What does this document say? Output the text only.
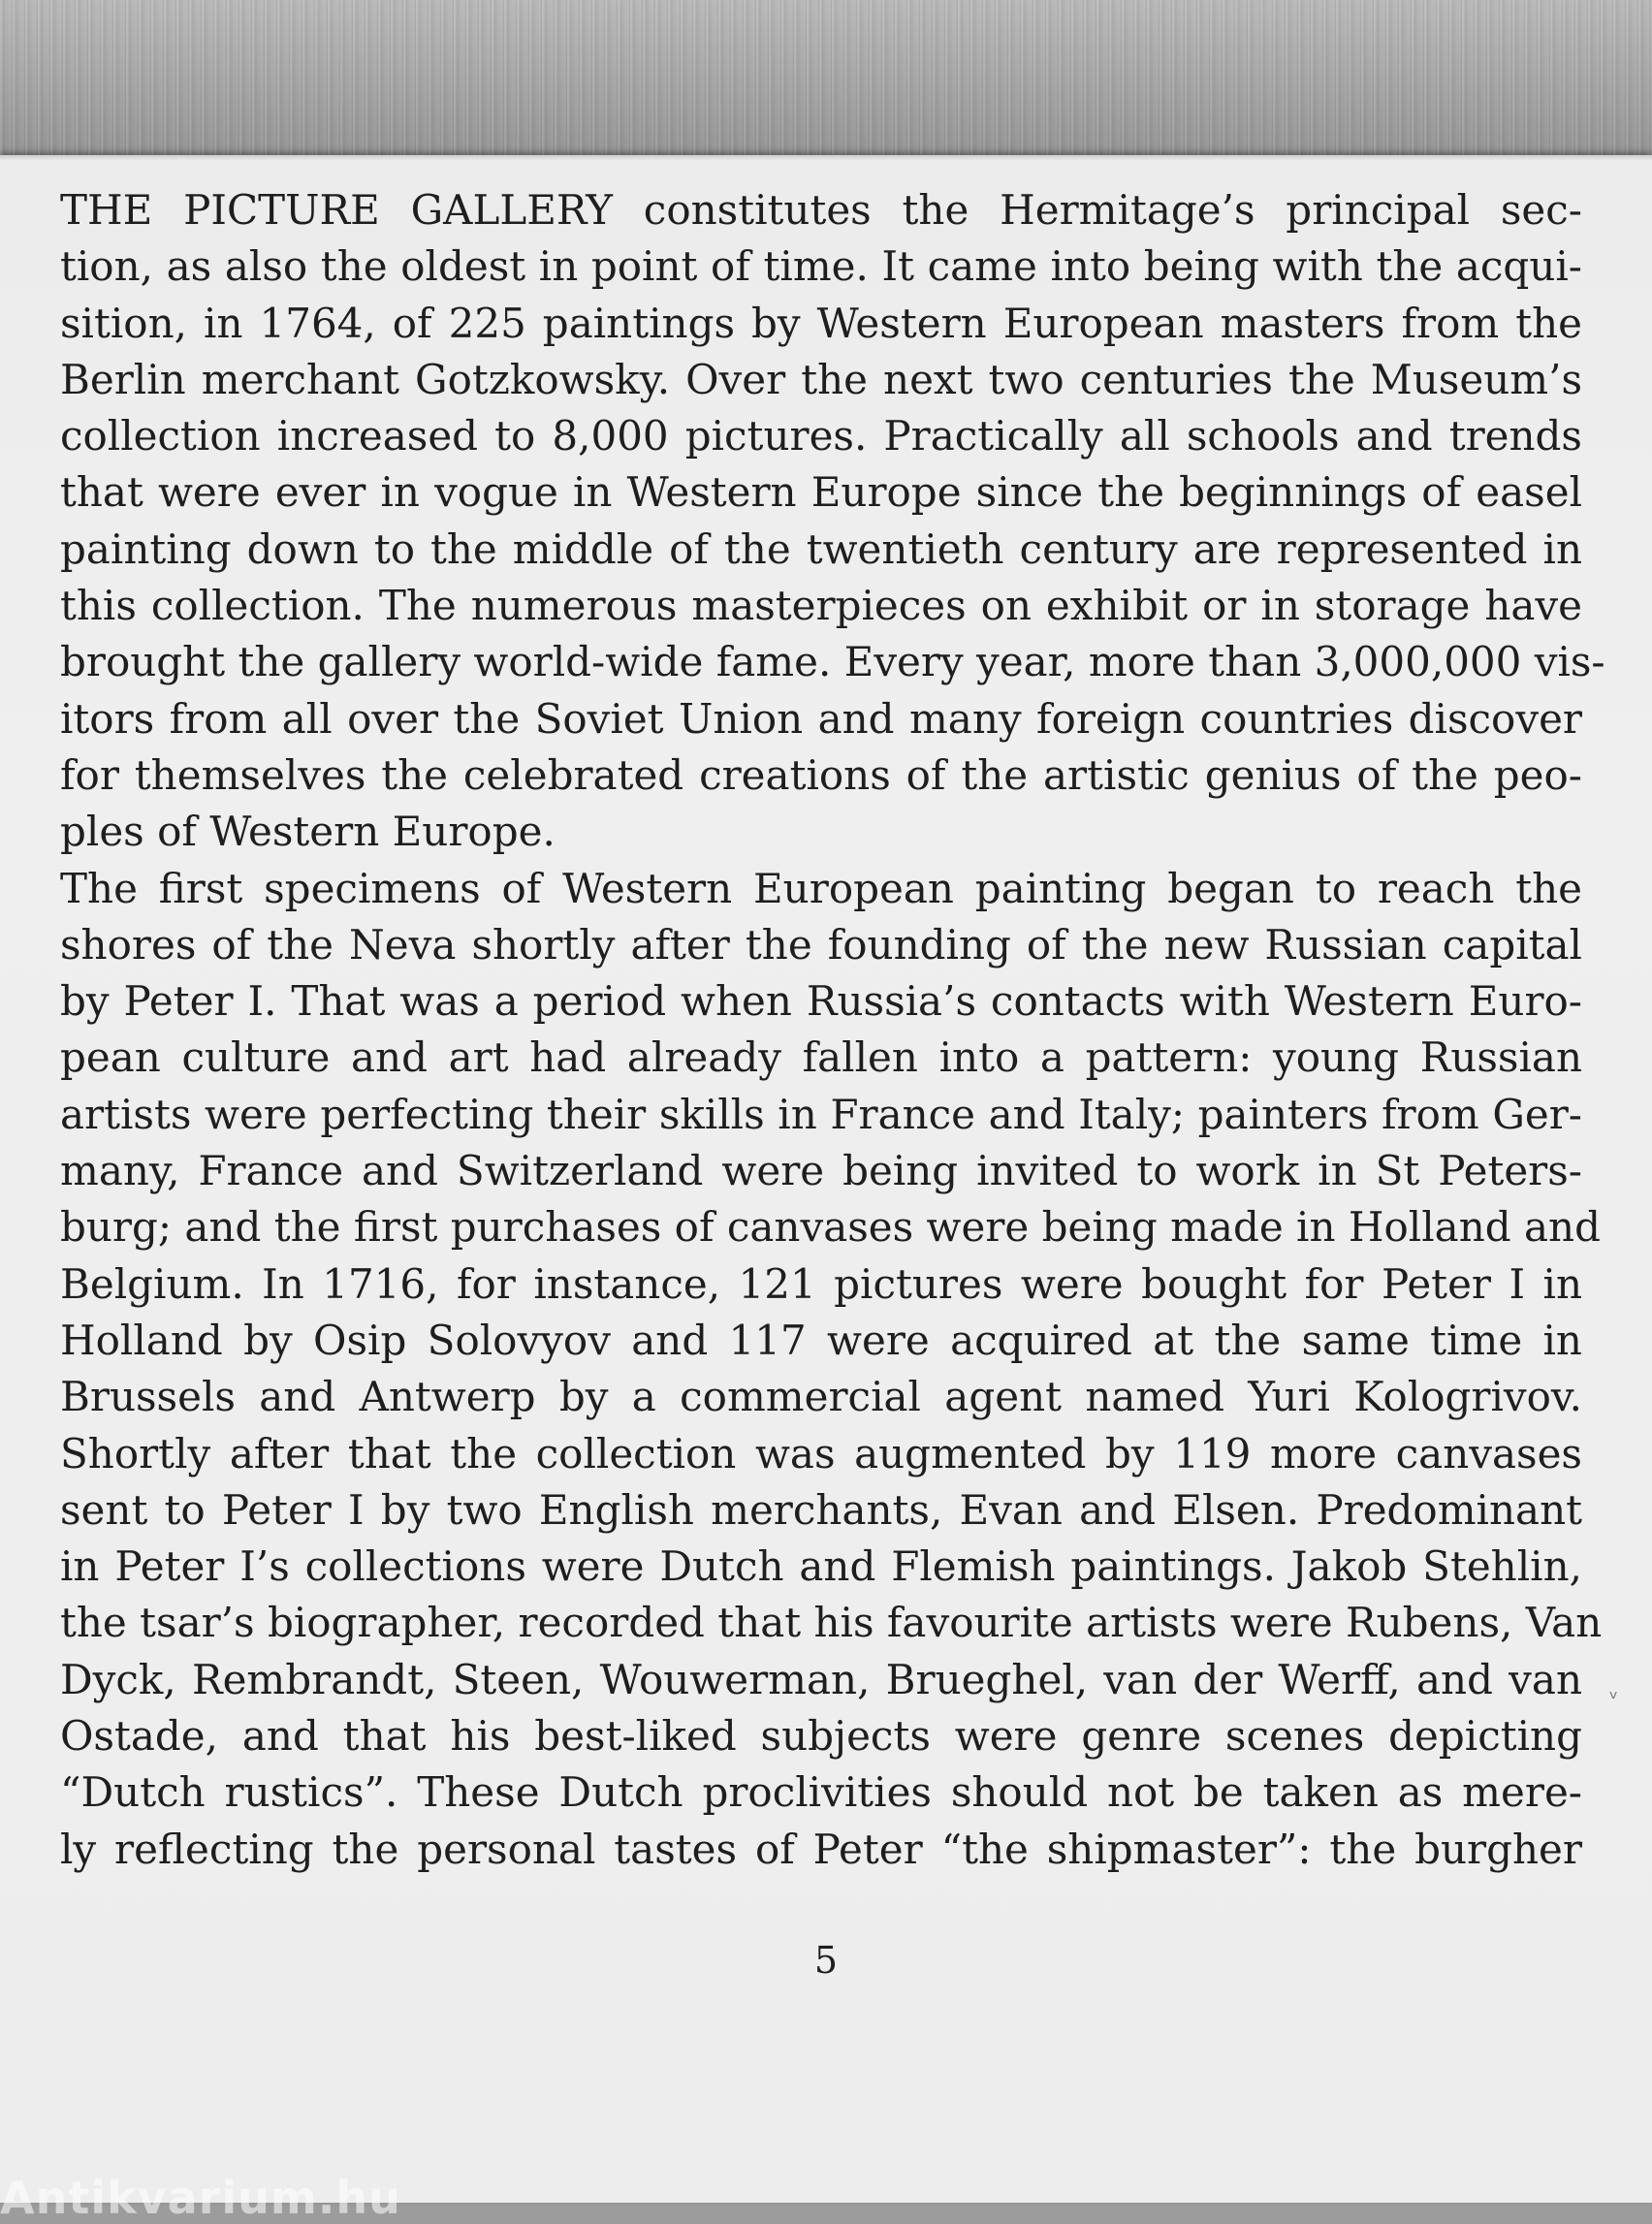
THE PICTURE GALLERY constitutes the Hermitage’s principal sec-
tion, as also the oldest in point of time. It came into being with the acqui-
sition, in 1764, of 225 paintings by Western European masters from the
Berlin merchant Gotzkowsky. Over the next two centuries the Museum’s
collection increased to 8,000 pictures. Practically all schools and trends
that were ever in vogue in Western Europe since the beginnings of easel
painting down to the middle of the twentieth century are represented in
this collection. The numerous masterpieces on exhibit or in storage have
brought the gallery world-wide fame. Every year, more than 3,000,000 vis-
itors from all over the Soviet Union and many foreign countries discover
for themselves the celebrated creations of the artistic genius of the peo-
ples of Western Europe.
The first specimens of Western European painting began to reach the
shores of the Neva shortly after the founding of the new Russian capital
by Peter I. That was a period when Russia’s contacts with Western Euro-
pean culture and art had already fallen into a pattern: young Russian
artists were perfecting their skills in France and Italy; painters from Ger-
many, France and Switzerland were being invited to work in St Peters-
burg; and the first purchases of canvases were being made in Holland and
Belgium. In 1716, for instance, 121 pictures were bought for Peter I in
Holland by Osip Solovyov and 117 were acquired at the same time in
Brussels and Antwerp by a commercial agent named Yuri Kologrivov.
Shortly after that the collection was augmented by 119 more canvases
sent to Peter I by two English merchants, Evan and Elsen. Predominant
in Peter I’s collections were Dutch and Flemish paintings. Jakob Stehlin,
the tsar’s biographer, recorded that his favourite artists were Rubens, Van
Dyck, Rembrandt, Steen, Wouwerman, Brueghel, van der Werff, and van
Ostade, and that his best-liked subjects were genre scenes depicting
“Dutch rustics”. These Dutch proclivities should not be taken as mere-
ly reflecting the personal tastes of Peter “the shipmaster”: the burgher
ᵥ
5
Antikvarium.hu
